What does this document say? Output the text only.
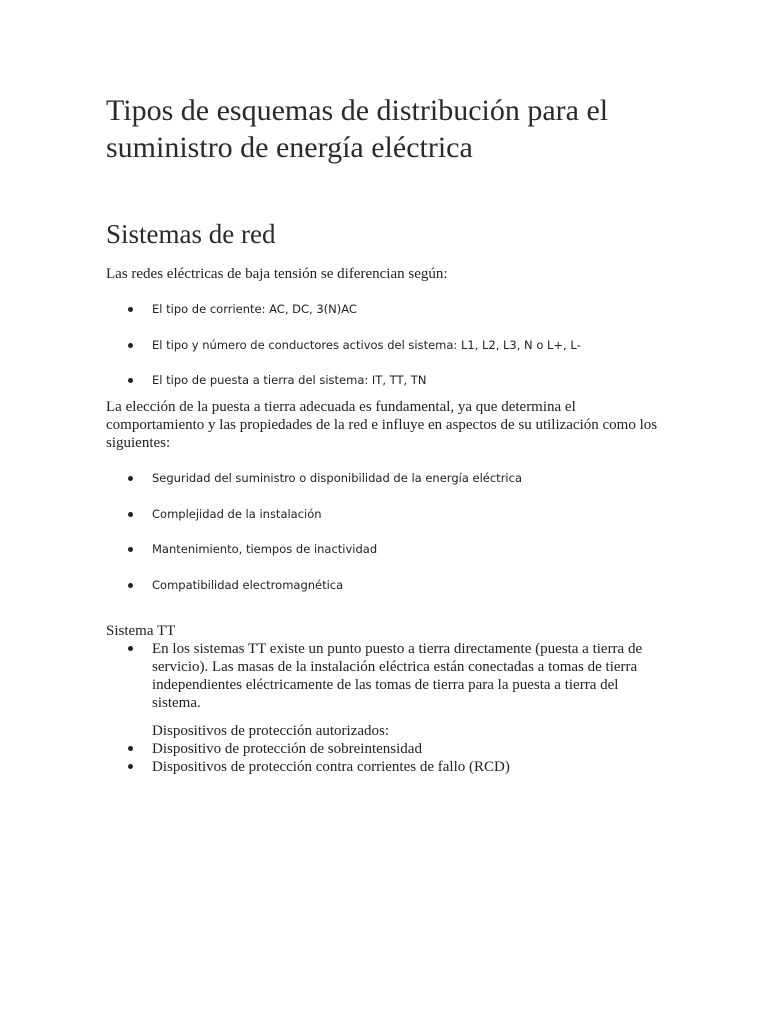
Tipos de esquemas de distribución para el suministro de energía eléctrica
Sistemas de red

Las redes eléctricas de baja tensión se diferencian según:

El tipo de corriente: AC, DC, 3(N)AC
El tipo y número de conductores activos del sistema: L1, L2, L3, N o L+, L-
El tipo de puesta a tierra del sistema: IT, TT, TN

La elección de la puesta a tierra adecuada es fundamental, ya que determina el comportamiento y las propiedades de la red e influye en aspectos de su utilización como los siguientes:

Seguridad del suministro o disponibilidad de la energía eléctrica
Complejidad de la instalación
Mantenimiento, tiempos de inactividad
Compatibilidad electromagnética

Sistema TT

En los sistemas TT existe un punto puesto a tierra directamente (puesta a tierra de servicio). Las masas de la instalación eléctrica están conectadas a tomas de tierra independientes eléctricamente de las tomas de tierra para la puesta a tierra del sistema.
Dispositivos de protección autorizados:
Dispositivo de protección de sobreintensidad
Dispositivos de protección contra corrientes de fallo (RCD)
